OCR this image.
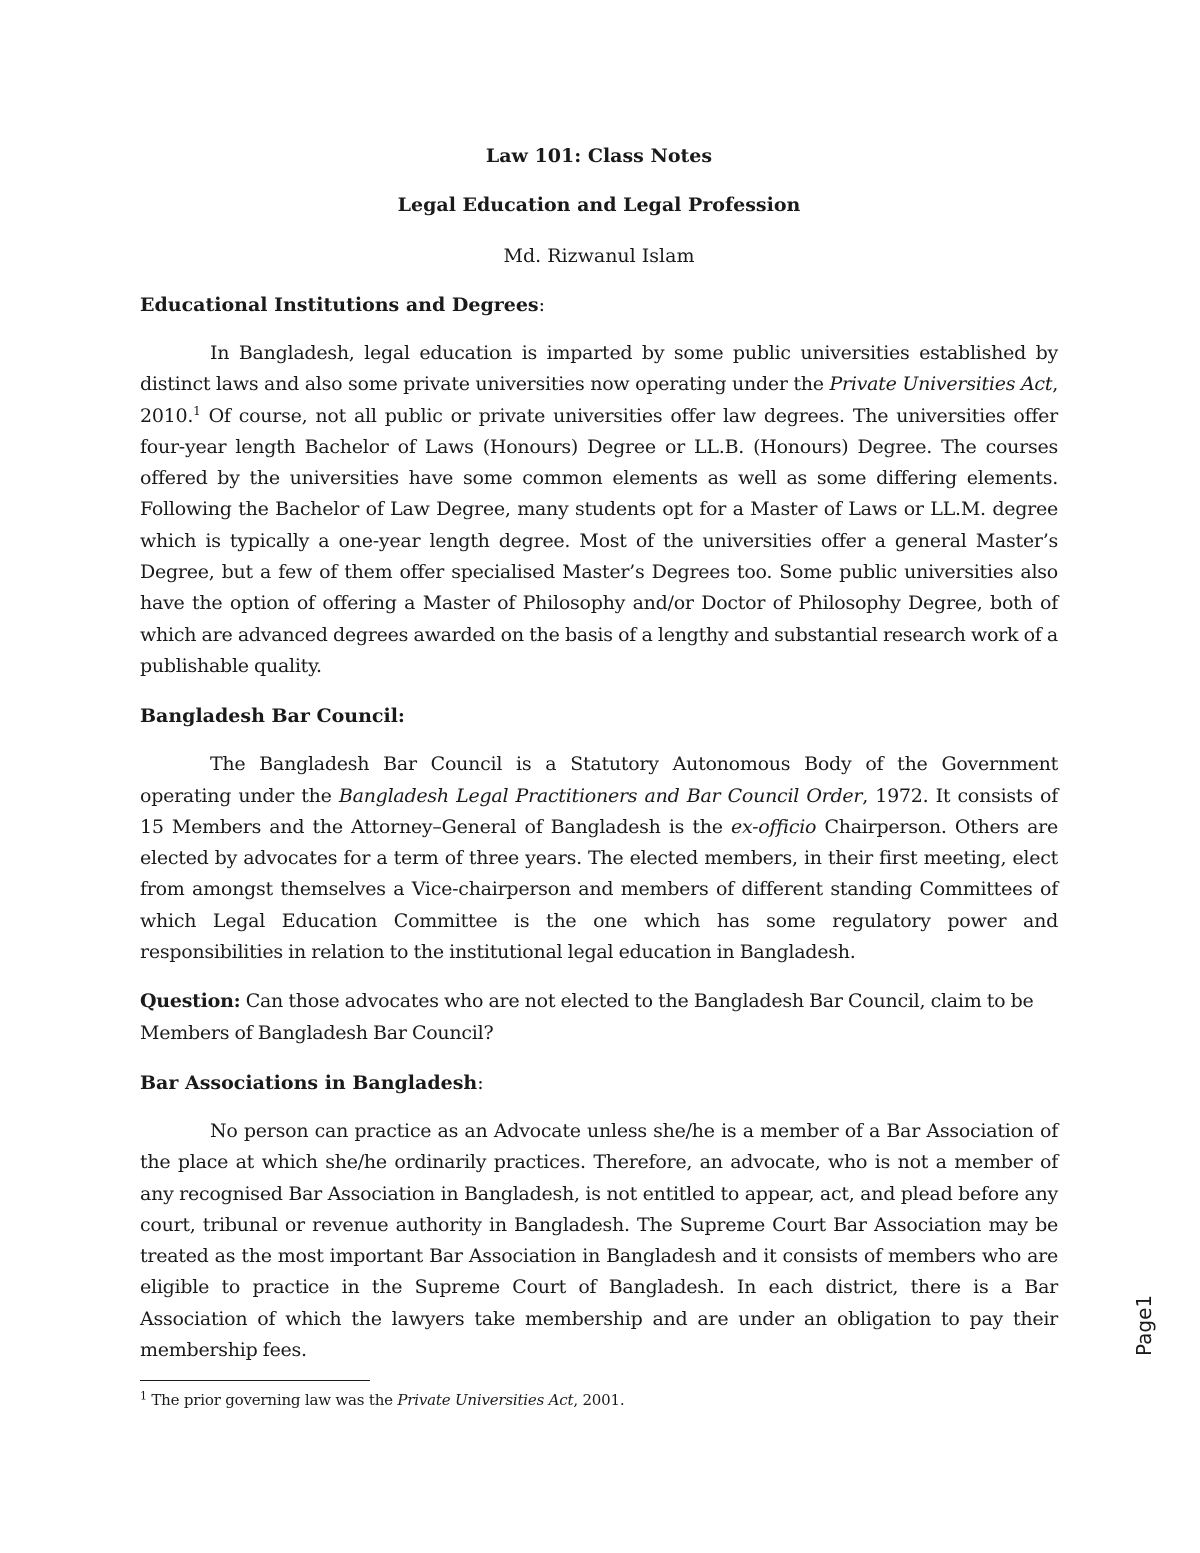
Law 101: Class Notes

Legal Education and Legal Profession

Md. Rizwanul Islam

Educational Institutions and Degrees:

In Bangladesh, legal education is imparted by some public universities established by distinct laws and also some private universities now operating under the Private Universities Act, 2010.$^1$ Of course, not all public or private universities offer law degrees. The universities offer four-year length Bachelor of Laws (Honours) Degree or LL.B. (Honours) Degree. The courses offered by the universities have some common elements as well as some differing elements. Following the Bachelor of Law Degree, many students opt for a Master of Laws or LL.M. degree which is typically a one-year length degree. Most of the universities offer a general Master’s Degree, but a few of them offer specialised Master’s Degrees too. Some public universities also have the option of offering a Master of Philosophy and/or Doctor of Philosophy Degree, both of which are advanced degrees awarded on the basis of a lengthy and substantial research work of a publishable quality.

Bangladesh Bar Council:

The Bangladesh Bar Council is a Statutory Autonomous Body of the Government operating under the Bangladesh Legal Practitioners and Bar Council Order, 1972. It consists of 15 Members and the Attorney–General of Bangladesh is the ex-officio Chairperson. Others are elected by advocates for a term of three years. The elected members, in their first meeting, elect from amongst themselves a Vice-chairperson and members of different standing Committees of which Legal Education Committee is the one which has some regulatory power and responsibilities in relation to the institutional legal education in Bangladesh.

Question: Can those advocates who are not elected to the Bangladesh Bar Council, claim to be Members of Bangladesh Bar Council?

Bar Associations in Bangladesh:

No person can practice as an Advocate unless she/he is a member of a Bar Association of the place at which she/he ordinarily practices. Therefore, an advocate, who is not a member of any recognised Bar Association in Bangladesh, is not entitled to appear, act, and plead before any court, tribunal or revenue authority in Bangladesh. The Supreme Court Bar Association may be treated as the most important Bar Association in Bangladesh and it consists of members who are eligible to practice in the Supreme Court of Bangladesh. In each district, there is a Bar Association of which the lawyers take membership and are under an obligation to pay their membership fees.

$^1$ The prior governing law was the Private Universities Act, 2001.
Page1
